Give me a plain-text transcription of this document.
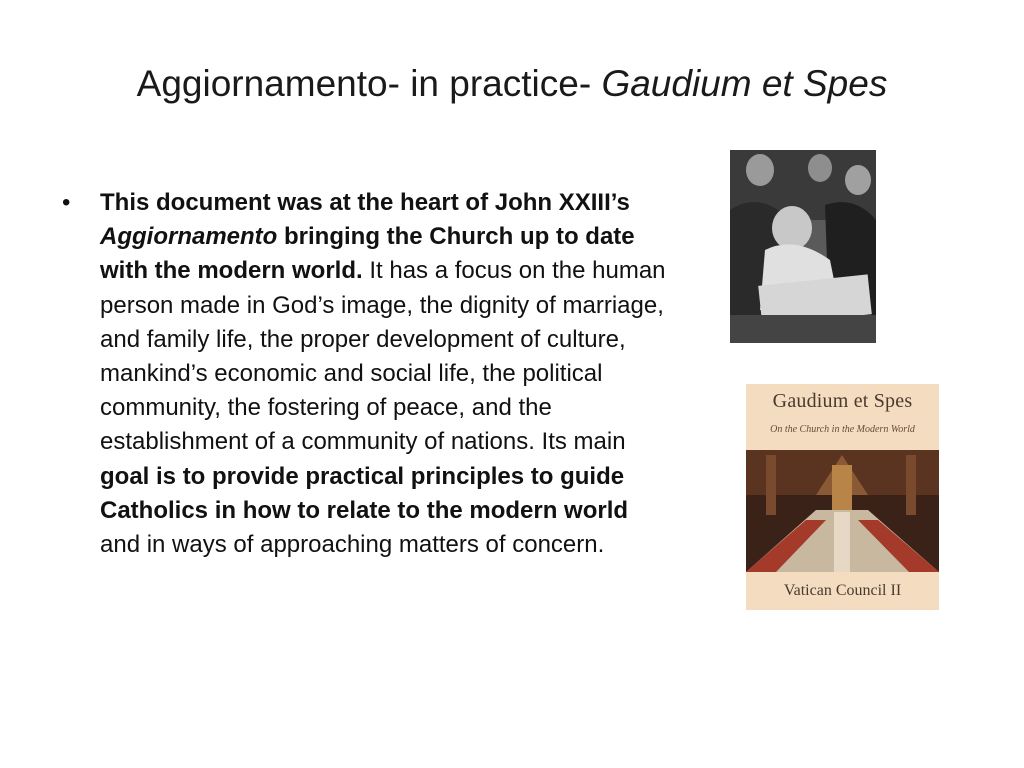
Aggiornamento- in practice- Gaudium et Spes
• This document was at the heart of John XXIII’s Aggiornamento bringing the Church up to date with the modern world. It has a focus on the human person made in God’s image, the dignity of marriage, and family life, the proper development of culture, mankind’s economic and social life, the political community, the fostering of peace, and the establishment of a community of nations. Its main goal is to provide practical principles to guide Catholics in how to relate to the modern world and in ways of approaching matters of concern.
Gaudium et Spes
On the Church in the Modern World
Vatican Council II
